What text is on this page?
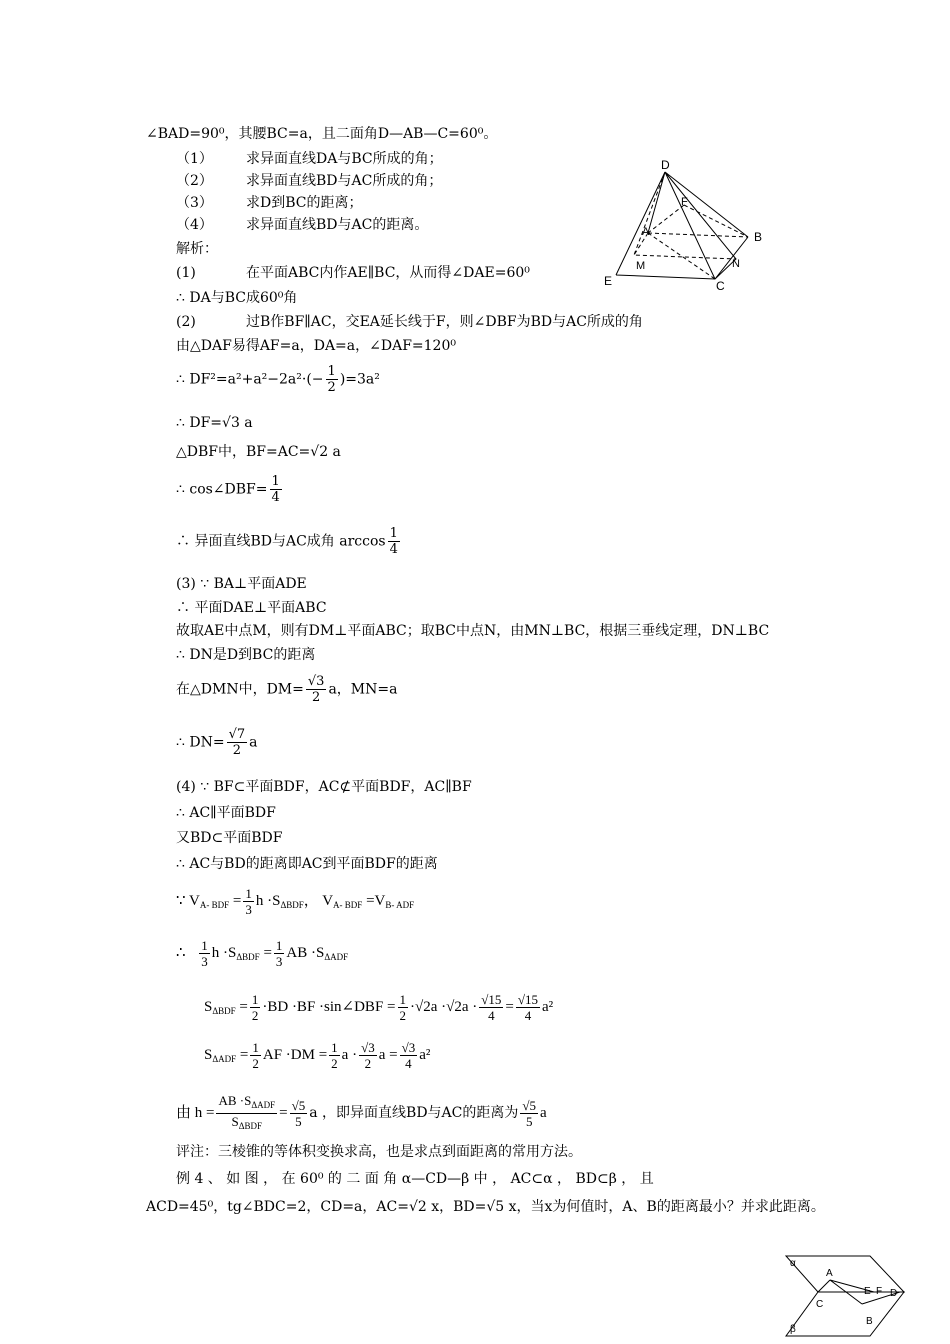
∠BAD=90⁰，其腰BC=a，且二面角D—AB—C=60⁰。
（1） 求异面直线DA与BC所成的角；
（2） 求异面直线BD与AC所成的角；
（3） 求D到BC的距离；
（4） 求异面直线BD与AC的距离。
解析：
(1)	在平面ABC内作AE∥BC，从而得∠DAE=60⁰
∴ DA与BC成60⁰角
(2)	过B作BF∥AC，交EA延长线于F，则∠DBF为BD与AC所成的角
由△DAF易得AF=a，DA=a，∠DAF=120⁰
∴ $DF^2=a^2+a^2-2a^2\cdot(- \frac{1}{2} )=3a^2$
∴ DF=√3 a
△DBF中，BF=AC=√2 a
∴ cos∠DBF= $\frac{1}{4}$
∴ 异面直线BD与AC成角 $\arccos \frac{1}{4}$
(3) ∵ BA⊥平面ADE
∴ 平面DAE⊥平面ABC
故取AE中点M，则有DM⊥平面ABC；取BC中点N，由MN⊥BC，根据三垂线定理，DN⊥BC
∴ DN是D到BC的距离
在△DMN中，$DM= \frac{√3}{2}$ a，MN=a
∴ $DN= \frac{√7}{2}$ a
(4) ∵ BF⊂平面BDF，AC⊄平面BDF，AC∥BF
∴ AC∥平面BDF
又BD⊂平面BDF
∴ AC与BD的距离即AC到平面BDF的距离
∵ $V_{A- BDF} = \frac{1}{3}$ $h \cdot S_{\Delta BDF}$， $V_{A- BDF} =V_{B- ADF}$
∴ $\frac{1}{3}$ $h \cdot S_{\Delta BDF} = \frac{1}{3}$ AB $\cdot S_{\Delta ADF}$
$S_{\Delta BDF} = \frac{1}{2} \cdot BD \cdot BF$ ·sin∠DBF = $\frac{1}{2} \cdot√2a \cdot√2a \cdot \frac{√15}{4} = \frac{√15}{4} a^2$
$S_{\Delta ADF} = \frac{1}{2}$ AF $\cdot DM = \frac{1}{2}$ $a \cdot \frac{√3}{2}$ $a = \frac{√3}{4} a^2$
由 $h = \frac{AB \cdot S_{\Delta ADF}}{S_{\Delta BDF}} = \frac{√5}{5}$ a ，即异面直线BD与AC的距离为 $\frac{√5}{5}$ a
评注：三棱锥的等体积变换求高，也是求点到面距离的常用方法。
例 4 、 如 图 ， 在 60⁰ 的 二 面 角 α—CD—β 中 ， AC⊂α ， BD⊂β ， 且
ACD=45⁰，tg∠BDC=2，CD=a，AC=√2 x，BD=√5 x，当x为何值时，A、B的距离最小？并求此距离。
D
F
A	B
M	N
E	C
α
β
A
C
E F D
B
